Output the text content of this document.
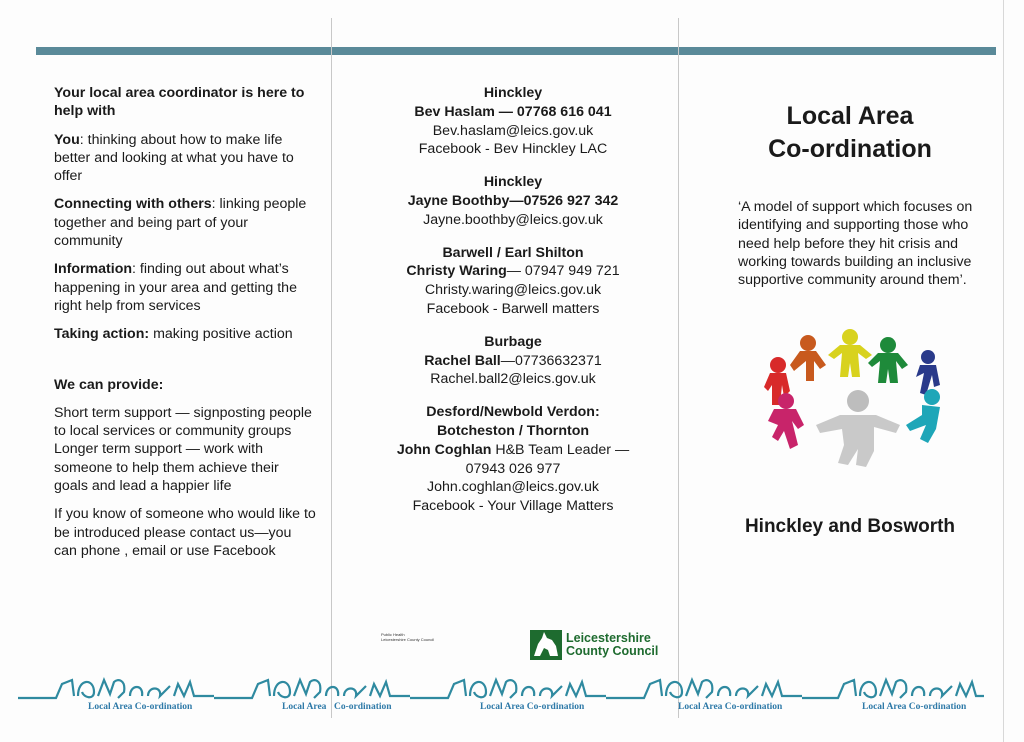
Your local area coordinator is here to help with

You: thinking about how to make life better and looking at what you have to offer

Connecting with others: linking people together and being part of your community

Information: finding out about what’s happening in your area and getting the right help from services

Taking action: making positive action

We can provide:

Short term support — signposting people to local services or community groups

Longer term support — work with someone to help them achieve their goals and lead a happier life

If you know of someone who would like to be introduced please contact us—you can phone , email or use Facebook

Hinckley
Bev Haslam — 07768 616 041
Bev.haslam@leics.gov.uk
Facebook - Bev Hinckley LAC
Hinckley
Jayne Boothby—07526 927 342
Jayne.boothby@leics.gov.uk
Barwell / Earl Shilton
Christy Waring— 07947 949 721
Christy.waring@leics.gov.uk
Facebook - Barwell matters
Burbage
Rachel Ball—07736632371
Rachel.ball2@leics.gov.uk
Desford/Newbold Verdon:
Botcheston / Thornton
John Coghlan H&B Team Leader —
07943 026 977
John.coghlan@leics.gov.uk
Facebook - Your Village Matters
Public Health
Leicestershire County Council	Leicestershire
County Council
Local Area
Co-ordination
‘A model of support which focuses on identifying and supporting those who need help before they hit crisis and working towards building an inclusive supportive community around them’.
Hinckley and Bosworth
Local Area Co-ordination	Local Area Co-ordination	Local Area Co-ordination	Local Area Co-ordination	Local Area Co-ordination
